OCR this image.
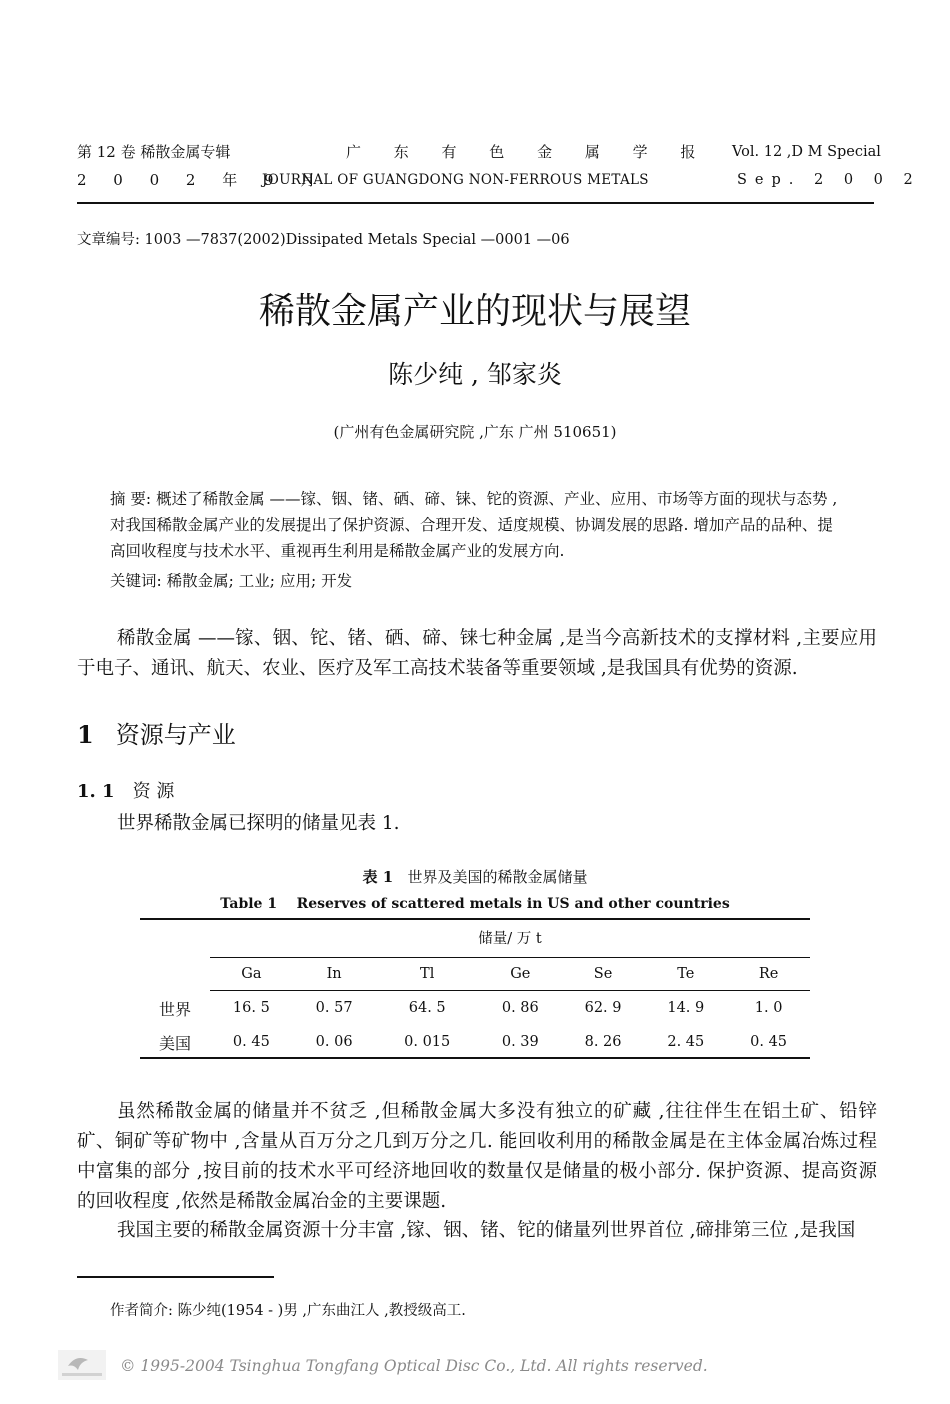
第 12 卷 稀散金属专辑
2 0 0 2 年 9 月
广 东 有 色 金 属 学 报
JOURNAL OF GUANGDONG NON-FERROUS METALS
Vol. 12 ,D M Special
Sep. 2 0 0 2
文章编号: 1003 —7837(2002)Dissipated Metals Special —0001 —06
稀散金属产业的现状与展望
陈少纯 , 邹家炎
(广州有色金属研究院 ,广东 广州 510651)
摘 要: 概述了稀散金属 ——镓、铟、锗、硒、碲、铼、铊的资源、产业、应用、市场等方面的现状与态势 ,对我国稀散金属产业的发展提出了保护资源、合理开发、适度规模、协调发展的思路. 增加产品的品种、提高回收程度与技术水平、重视再生利用是稀散金属产业的发展方向.
关键词: 稀散金属; 工业; 应用; 开发
稀散金属 ——镓、铟、铊、锗、硒、碲、铼七种金属 ,是当今高新技术的支撑材料 ,主要应用于电子、通讯、航天、农业、医疗及军工高技术装备等重要领域 ,是我国具有优势的资源.
1 资源与产业
1. 1 资 源
世界稀散金属已探明的储量见表 1.
表 1 世界及美国的稀散金属储量
Table 1 Reserves of scattered metals in US and other countries
	储量/ 万 t						
	Ga	In	Tl	Ge	Se	Te	Re
世界	16. 5	0. 57	64. 5	0. 86	62. 9	14. 9	1. 0
美国	0. 45	0. 06	0. 015	0. 39	8. 26	2. 45	0. 45
虽然稀散金属的储量并不贫乏 ,但稀散金属大多没有独立的矿藏 ,往往伴生在铝土矿、铅锌矿、铜矿等矿物中 ,含量从百万分之几到万分之几. 能回收利用的稀散金属是在主体金属冶炼过程中富集的部分 ,按目前的技术水平可经济地回收的数量仅是储量的极小部分. 保护资源、提高资源的回收程度 ,依然是稀散金属冶金的主要课题.
我国主要的稀散金属资源十分丰富 ,镓、铟、锗、铊的储量列世界首位 ,碲排第三位 ,是我国
作者简介: 陈少纯(1954 - )男 ,广东曲江人 ,教授级高工.
© 1995-2004 Tsinghua Tongfang Optical Disc Co., Ltd. All rights reserved.
